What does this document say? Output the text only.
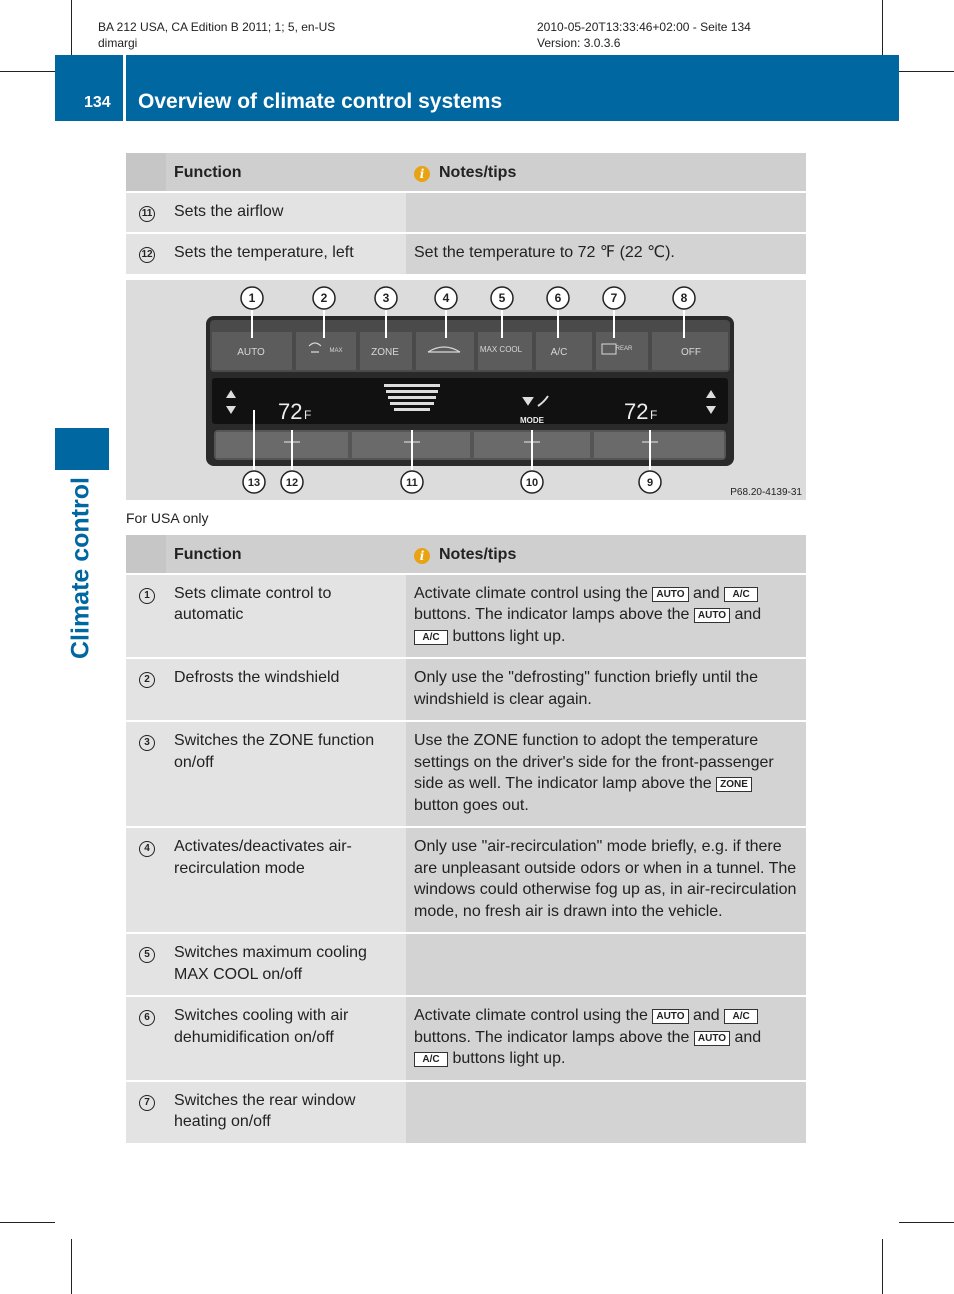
BA 212 USA, CA Edition B 2011; 1; 5, en-US
dimargi
2010-05-20T13:33:46+02:00 - Seite 134
Version: 3.0.3.6
134 Overview of climate control systems
Climate control
	Function	i Notes/tips
11	Sets the airflow	
12	Sets the temperature, left	Set the temperature to 72 ℉ (22 ℃).
AUTO	MAX	ZONE	MAX COOL	A/C	REAR	OFF
72 F	72 F
MODE
1	2	3	4	5	6	7	8
13 12	11	10	9
P68.20-4139-31
For USA only
	Function	i Notes/tips
1	Sets climate control to automatic	Activate climate control using the AUTO and A/C buttons. The indicator lamps above the AUTO and A/C buttons light up.
2	Defrosts the windshield	Only use the "defrosting" function briefly until the windshield is clear again.
3	Switches the ZONE function on/off	Use the ZONE function to adopt the temperature settings on the driver's side for the front-passenger side as well. The indicator lamp above the ZONE button goes out.
4	Activates/deactivates air-recirculation mode	Only use "air-recirculation" mode briefly, e.g. if there are unpleasant outside odors or when in a tunnel. The windows could otherwise fog up as, in air-recirculation mode, no fresh air is drawn into the vehicle.
5	Switches maximum cooling MAX COOL on/off	
6	Switches cooling with air dehumidification on/off	Activate climate control using the AUTO and A/C buttons. The indicator lamps above the AUTO and A/C buttons light up.
7	Switches the rear window heating on/off	
